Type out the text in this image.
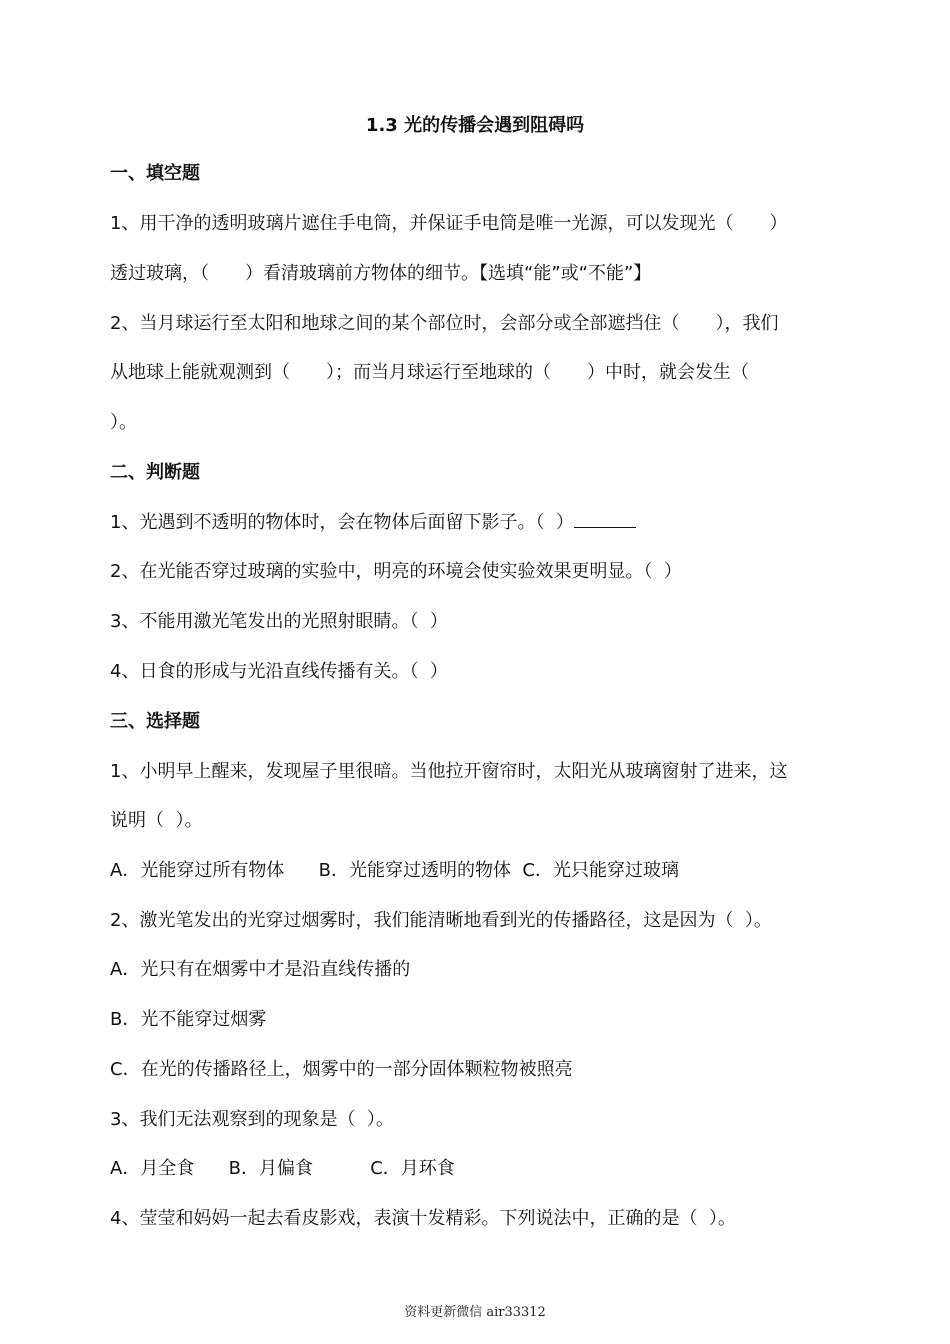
1.3 光的传播会遇到阻碍吗
一、填空题
1、用干净的透明玻璃片遮住手电筒，并保证手电筒是唯一光源，可以发现光（　　）
透过玻璃，（　　）看清玻璃前方物体的细节。【选填“能”或“不能”】
2、当月球运行至太阳和地球之间的某个部位时，会部分或全部遮挡住（　　），我们
从地球上能就观测到（　　）；而当月球运行至地球的（　　）中时，就会发生（
）。
二、判断题
1、光遇到不透明的物体时，会在物体后面留下影子。（  ）
2、在光能否穿过玻璃的实验中，明亮的环境会使实验效果更明显。（  ）
3、不能用激光笔发出的光照射眼睛。（  ）
4、日食的形成与光沿直线传播有关。（  ）
三、选择题
1、小明早上醒来，发现屋子里很暗。当他拉开窗帘时，太阳光从玻璃窗射了进来，这
说明（  ）。
A．光能穿过所有物体      B．光能穿过透明的物体  C．光只能穿过玻璃
2、激光笔发出的光穿过烟雾时，我们能清晰地看到光的传播路径，这是因为（  ）。
A．光只有在烟雾中才是沿直线传播的
B．光不能穿过烟雾
C．在光的传播路径上，烟雾中的一部分固体颗粒物被照亮
3、我们无法观察到的现象是（  ）。
A．月全食      B．月偏食          C．月环食
4、莹莹和妈妈一起去看皮影戏，表演十发精彩。下列说法中，正确的是（  ）。
资料更新微信 air33312
